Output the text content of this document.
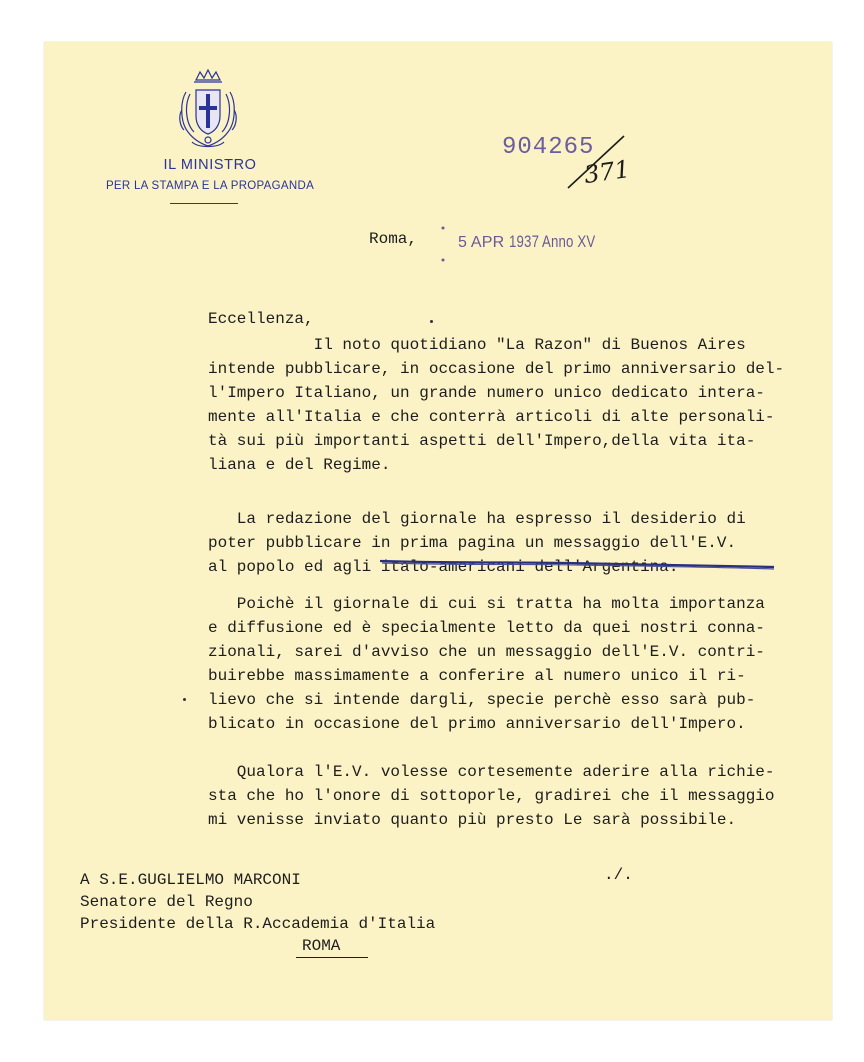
IL MINISTRO
PER LA STAMPA E LA PROPAGANDA
904265
371
Roma,	5 APR 1937 Anno XV
Eccellenza,
Il noto quotidiano "La Razon" di Buenos Aires
intende pubblicare, in occasione del primo anniversario del-
l'Impero Italiano, un grande numero unico dedicato intera-
mente all'Italia e che conterrà articoli di alte personali-
tà sui più importanti aspetti dell'Impero,della vita ita-
liana e del Regime.
La redazione del giornale ha espresso il desiderio di
poter pubblicare in prima pagina un messaggio dell'E.V.
al popolo ed agli italo-americani dell'Argentina.
Poichè il giornale di cui si tratta ha molta importanza
e diffusione ed è specialmente letto da quei nostri conna-
zionali, sarei d'avviso che un messaggio dell'E.V. contri-
buirebbe massimamente a conferire al numero unico il ri-
lievo che si intende dargli, specie perchè esso sarà pub-
blicato in occasione del primo anniversario dell'Impero.
Qualora l'E.V. volesse cortesemente aderire alla richie-
sta che ho l'onore di sottoporle, gradirei che il messaggio
mi venisse inviato quanto più presto Le sarà possibile.
./.

A S.E.GUGLIELMO MARCONI

Senatore del Regno

Presidente della R.Accademia d'Italia

ROMA
